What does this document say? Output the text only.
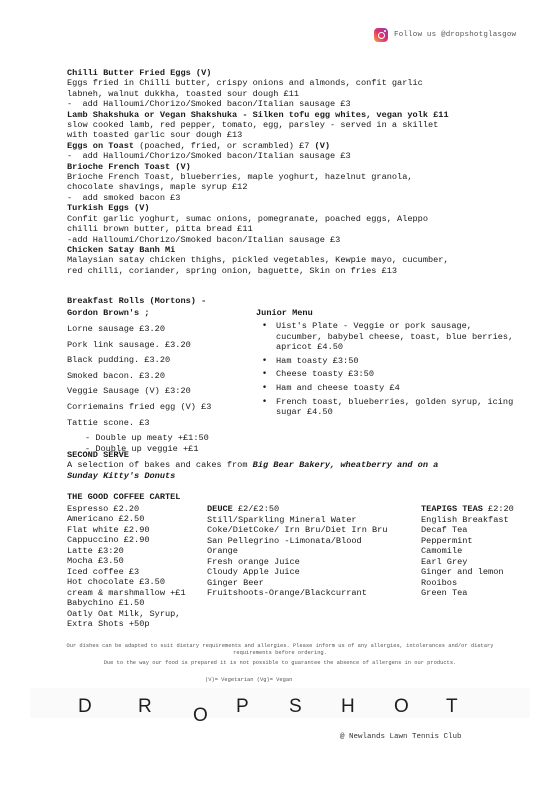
Follow us @dropshotglasgow

Chilli Butter Fried Eggs (V)

Eggs fried in Chilli butter, crispy onions and almonds, confit garlic
labneh, walnut dukkha, toasted sour dough £11

-  add Halloumi/Chorizo/Smoked bacon/Italian sausage £3

Lamb Shakshuka or Vegan Shakshuka - Silken tofu egg whites, vegan yolk £11

slow cooked lamb, red pepper, tomato, egg, parsley - served in a skillet
with toasted garlic sour dough £13

Eggs on Toast (poached, fried, or scrambled) £7 (V)

-  add Halloumi/Chorizo/Smoked bacon/Italian sausage £3

Brioche French Toast (V)

Brioche French Toast, blueberries, maple yoghurt, hazelnut granola,
chocolate shavings, maple syrup £12

-  add smoked bacon £3

Turkish Eggs (V)

Confit garlic yoghurt, sumac onions, pomegranate, poached eggs, Aleppo
chilli brown butter, pitta bread £11

-add Halloumi/Chorizo/Smoked bacon/Italian sausage £3

Chicken Satay Banh Mi

Malaysian satay chicken thighs, pickled vegetables, Kewpie mayo, cucumber,
red chilli, coriander, spring onion, baguette, Skin on fries £13

Breakfast Rolls (Mortons) -
Gordon Brown's ;
Lorne sausage £3.20
Pork link sausage. £3.20
Black pudding. £3.20
Smoked bacon. £3.20
Veggie Sausage (V) £3:20
Corriemains fried egg (V) £3
Tattie scone. £3
- Double up meaty +£1:50
- Double up veggie +£1
Junior Menu
• Uist's Plate - Veggie or pork sausage, cucumber, babybel cheese, toast, blue berries, apricot £4.50
• Ham toasty £3:50
• Cheese toasty £3:50
• Ham and cheese toasty £4
• French toast, blueberries, golden syrup, icing sugar £4.50
SECOND SERVE
A selection of bakes and cakes from Big Bear Bakery, wheatberry and on a
Sunday Kitty's Donuts
THE GOOD COFFEE CARTEL
Espresso £2.20
Americano £2.50
Flat white £2.90
Cappuccino £2.90
Latte £3:20
Mocha £3.50
Iced coffee £3
Hot chocolate £3.50
cream & marshmallow +£1
Babychino £1.50
Oatly Oat Milk, Syrup,
Extra Shots +50p
DEUCE £2/£2:50
Still/Sparkling Mineral Water
Coke/DietCoke/ Irn Bru/Diet Irn Bru
San Pellegrino -Limonata/Blood
Orange
Fresh orange Juice
Cloudy Apple Juice
Ginger Beer
Fruitshoots-Orange/Blackcurrant
TEAPIGS TEAS £2:20
English Breakfast
Decaf Tea
Peppermint
Camomile
Earl Grey
Ginger and lemon
Rooibos
Green Tea

Our dishes can be adapted to suit dietary requirements and allergies. Please inform us of any allergies, intolerances and/or dietary requirements before ordering.

Due to the way our food is prepared it is not possible to guarantee the absence of allergens in our products.

(V)= Vegetarian (Vg)= Vegan
D R O P S H O T
@ Newlands Lawn Tennis Club
